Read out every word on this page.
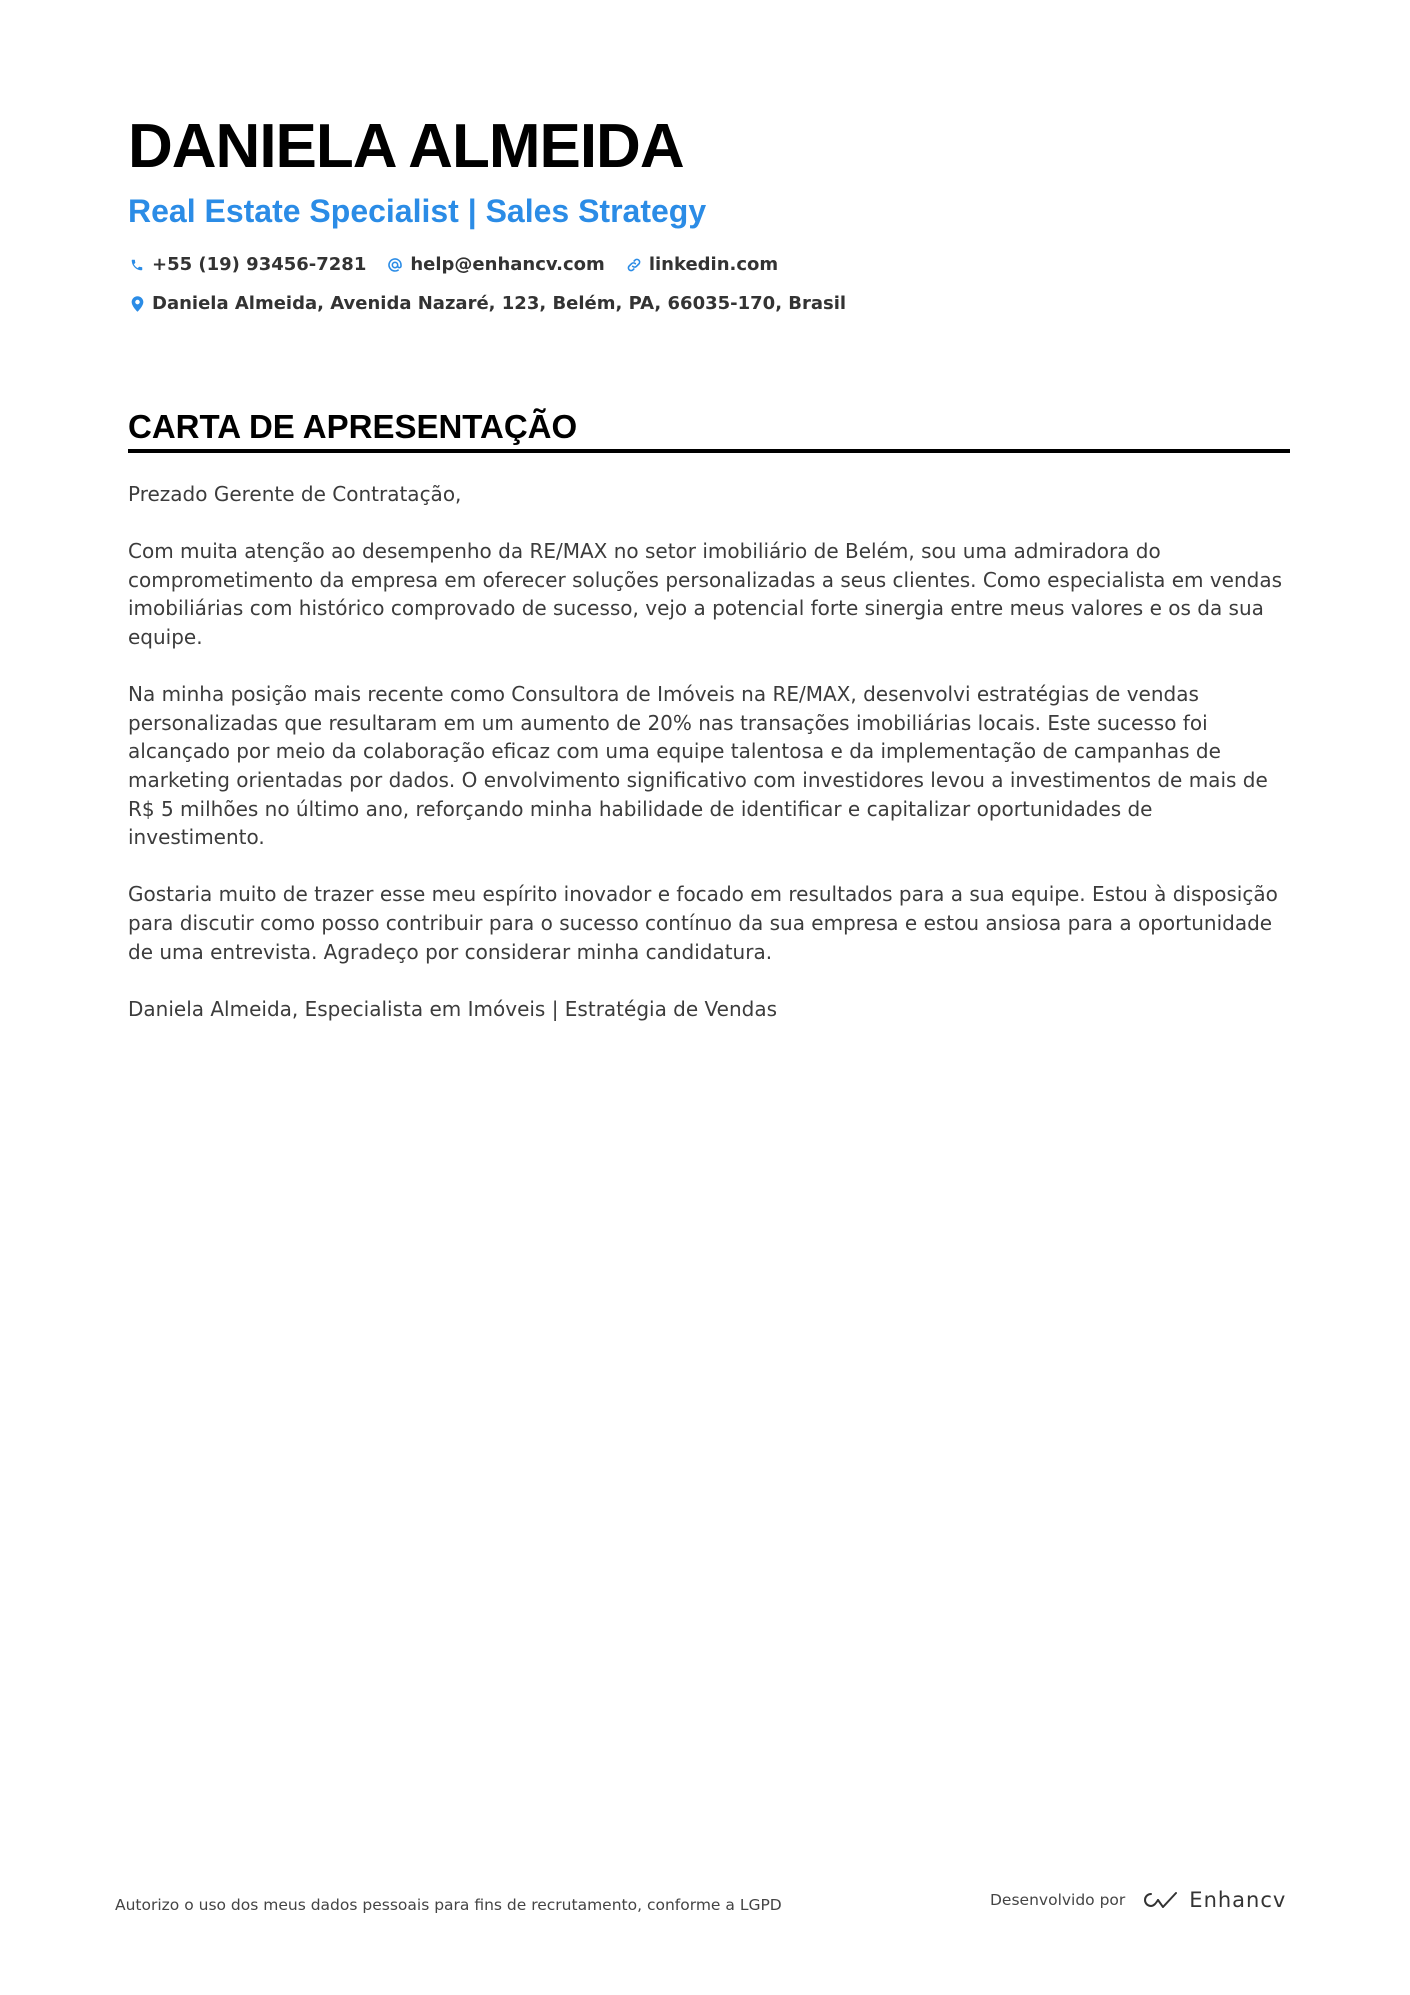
DANIELA ALMEIDA
Real Estate Specialist | Sales Strategy
+55 (19) 93456-7281 help@enhancv.com linkedin.com
Daniela Almeida, Avenida Nazaré, 123, Belém, PA, 66035-170, Brasil
CARTA DE APRESENTAÇÃO

Prezado Gerente de Contratação,

Com muita atenção ao desempenho da RE/MAX no setor imobiliário de Belém, sou uma admiradora do comprometimento da empresa em oferecer soluções personalizadas a seus clientes. Como especialista em vendas imobiliárias com histórico comprovado de sucesso, vejo a potencial forte sinergia entre meus valores e os da sua equipe.

Na minha posição mais recente como Consultora de Imóveis na RE/MAX, desenvolvi estratégias de vendas personalizadas que resultaram em um aumento de 20% nas transações imobiliárias locais. Este sucesso foi alcançado por meio da colaboração eficaz com uma equipe talentosa e da implementação de campanhas de marketing orientadas por dados. O envolvimento significativo com investidores levou a investimentos de mais de R$ 5 milhões no último ano, reforçando minha habilidade de identificar e capitalizar oportunidades de investimento.

Gostaria muito de trazer esse meu espírito inovador e focado em resultados para a sua equipe. Estou à disposição para discutir como posso contribuir para o sucesso contínuo da sua empresa e estou ansiosa para a oportunidade de uma entrevista. Agradeço por considerar minha candidatura.

Daniela Almeida, Especialista em Imóveis | Estratégia de Vendas

Autorizo o uso dos meus dados pessoais para fins de recrutamento, conforme a LGPD	Desenvolvido por	Enhancv
